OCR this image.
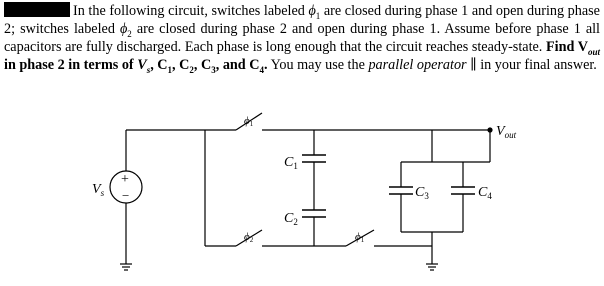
In the following circuit, switches labeled $\phi_1$ are closed during phase 1 and open during phase 2; switches labeled $\phi_2$ are closed during phase 2 and open during phase 1. Assume before phase 1 all capacitors are fully discharged. Each phase is long enough that the circuit reaches steady-state. Find $V_{out}$ in phase 2 in terms of $V_s$, $C_1$, $C_2$, $C_3$, and $C_4$. You may use the parallel operator ∥ in your final answer.
+
−
$V_s$
$C_1$
$C_2$
$C_3$	$C_4$
$V_{out}$
ϕ1
ϕ2	ϕ1
